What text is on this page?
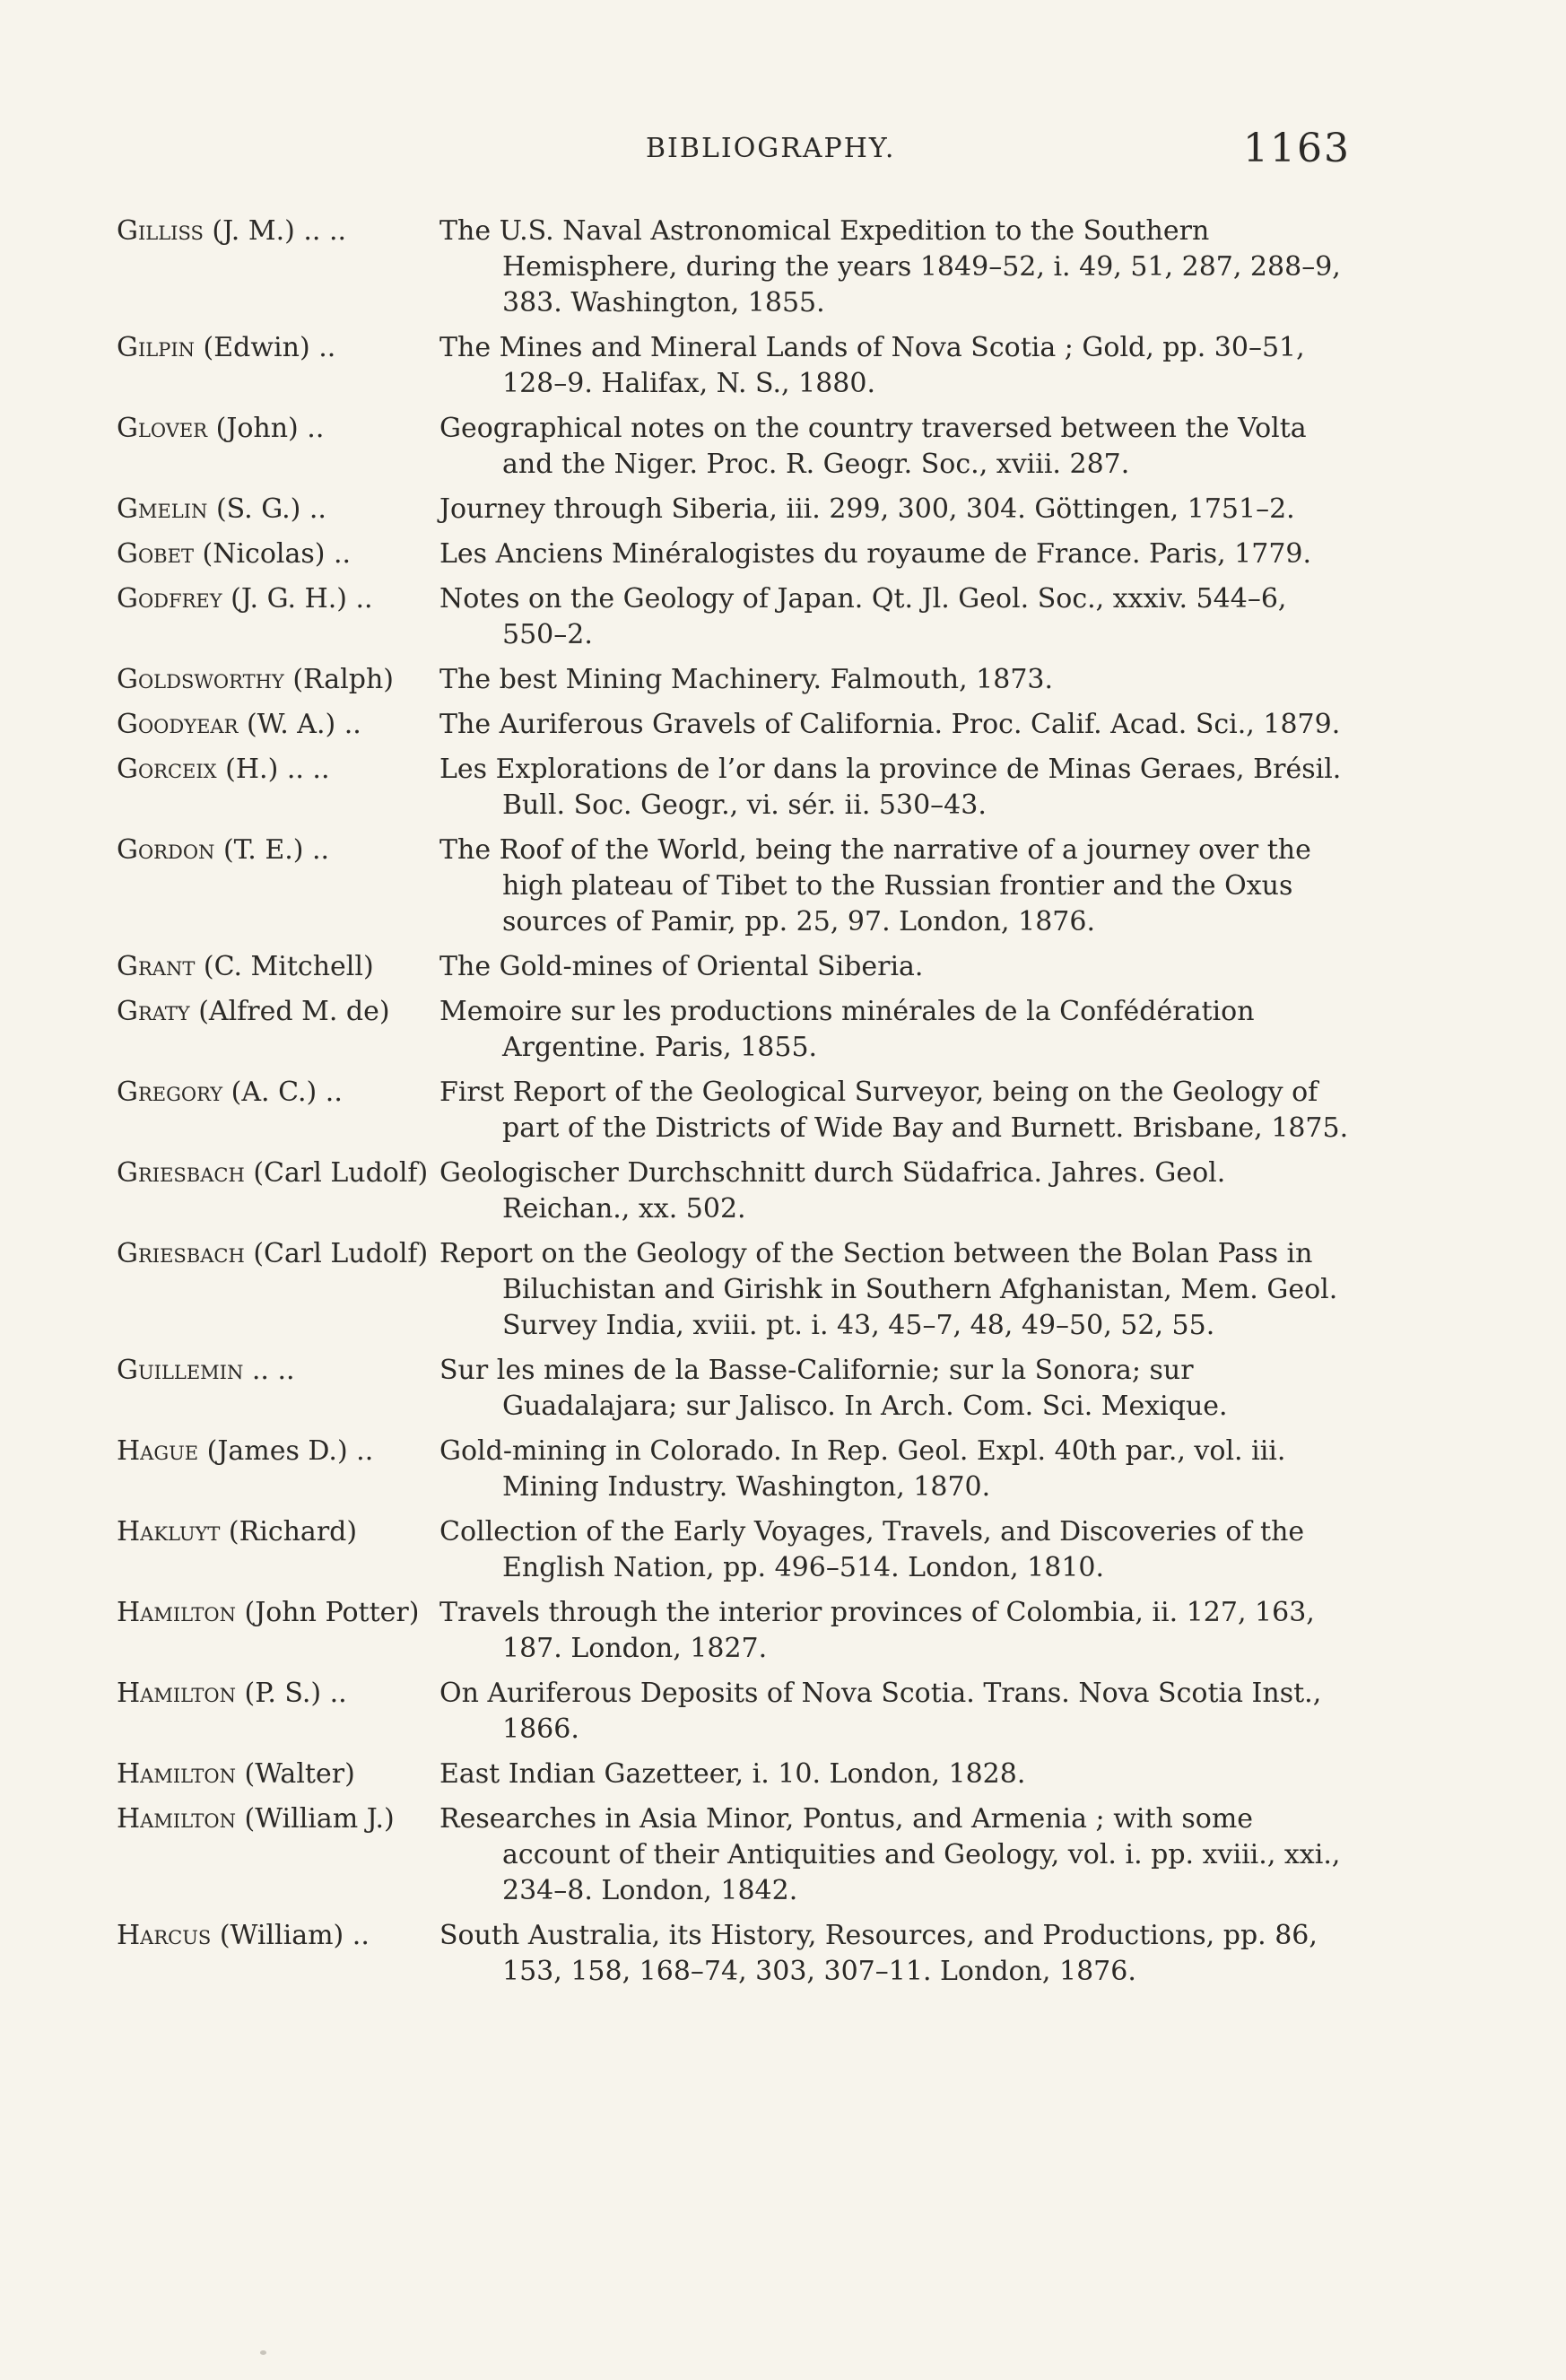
BIBLIOGRAPHY.	1163
Gilliss (J. M.) .. ..	The U.S. Naval Astronomical Expedition to the Southern Hemisphere, during the years 1849–52, i. 49, 51, 287, 288–9, 383. Washington, 1855.
Gilpin (Edwin) ..	The Mines and Mineral Lands of Nova Scotia ; Gold, pp. 30–51, 128–9. Halifax, N. S., 1880.
Glover (John) ..	Geographical notes on the country traversed between the Volta and the Niger. Proc. R. Geogr. Soc., xviii. 287.
Gmelin (S. G.) ..	Journey through Siberia, iii. 299, 300, 304. Göttingen, 1751–2.
Gobet (Nicolas) ..	Les Anciens Minéralogistes du royaume de France. Paris, 1779.
Godfrey (J. G. H.) ..	Notes on the Geology of Japan. Qt. Jl. Geol. Soc., xxxiv. 544–6, 550–2.
Goldsworthy (Ralph)	The best Mining Machinery. Falmouth, 1873.
Goodyear (W. A.) ..	The Auriferous Gravels of California. Proc. Calif. Acad. Sci., 1879.
Gorceix (H.) .. ..	Les Explorations de l’or dans la province de Minas Geraes, Brésil. Bull. Soc. Geogr., vi. sér. ii. 530–43.
Gordon (T. E.) ..	The Roof of the World, being the narrative of a journey over the high plateau of Tibet to the Russian frontier and the Oxus sources of Pamir, pp. 25, 97. London, 1876.
Grant (C. Mitchell)	The Gold-mines of Oriental Siberia.
Graty (Alfred M. de)	Memoire sur les productions minérales de la Confédération Argentine. Paris, 1855.
Gregory (A. C.) ..	First Report of the Geological Surveyor, being on the Geology of part of the Districts of Wide Bay and Burnett. Brisbane, 1875.
Griesbach (Carl Ludolf) Geologischer Durchschnitt durch Südafrica. Jahres. Geol. Reichan., xx. 502.
Griesbach (Carl Ludolf) Report on the Geology of the Section between the Bolan Pass in Biluchistan and Girishk in Southern Afghanistan, Mem. Geol. Survey India, xviii. pt. i. 43, 45–7, 48, 49–50, 52, 55.
Guillemin .. ..	Sur les mines de la Basse-Californie; sur la Sonora; sur Guadalajara; sur Jalisco. In Arch. Com. Sci. Mexique.
Hague (James D.) ..	Gold-mining in Colorado. In Rep. Geol. Expl. 40th par., vol. iii. Mining Industry. Washington, 1870.
Hakluyt (Richard)	Collection of the Early Voyages, Travels, and Discoveries of the English Nation, pp. 496–514. London, 1810.
Hamilton (John Potter) Travels through the interior provinces of Colombia, ii. 127, 163, 187. London, 1827.
Hamilton (P. S.) ..	On Auriferous Deposits of Nova Scotia. Trans. Nova Scotia Inst., 1866.
Hamilton (Walter)	East Indian Gazetteer, i. 10. London, 1828.
Hamilton (William J.)	Researches in Asia Minor, Pontus, and Armenia ; with some account of their Antiquities and Geology, vol. i. pp. xviii., xxi., 234–8. London, 1842.
Harcus (William) ..	South Australia, its History, Resources, and Productions, pp. 86, 153, 158, 168–74, 303, 307–11. London, 1876.
